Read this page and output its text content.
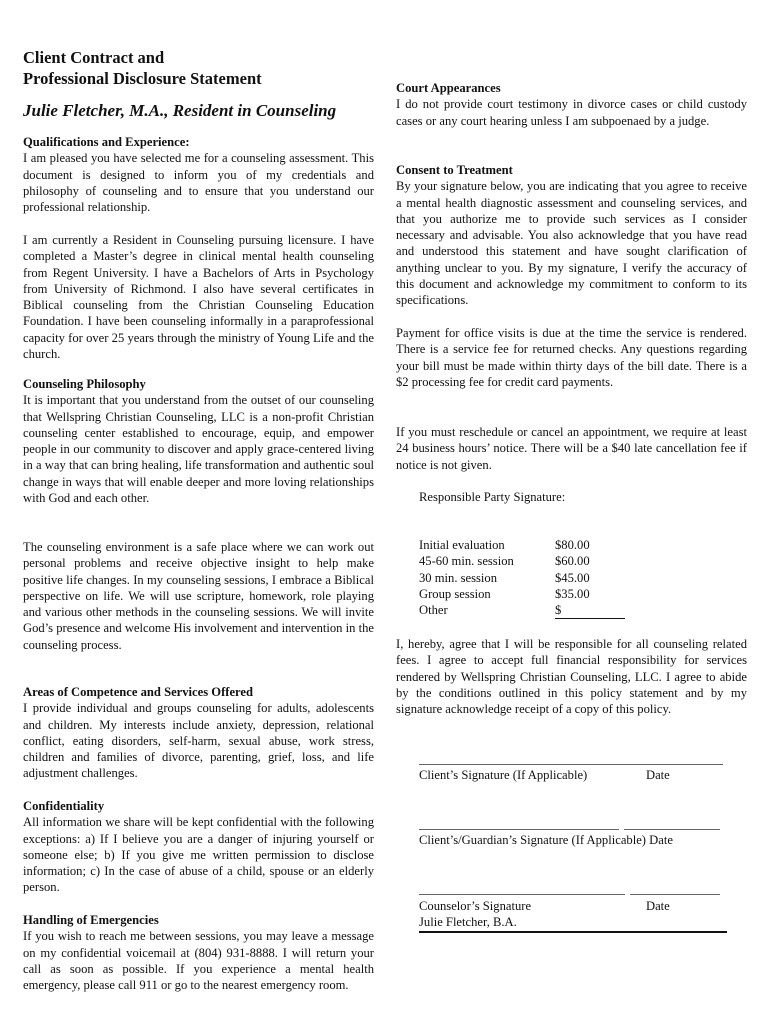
Client Contract and
Professional Disclosure Statement
Julie Fletcher, M.A., Resident in Counseling

Qualifications and Experience:

I am pleased you have selected me for a counseling assessment. This document is designed to inform you of my credentials and philosophy of counseling and to ensure that you understand our professional relationship.

I am currently a Resident in Counseling pursuing licensure. I have completed a Master’s degree in clinical mental health counseling from Regent University. I have a Bachelors of Arts in Psychology from University of Richmond. I also have several certificates in Biblical counseling from the Christian Counseling Education Foundation. I have been counseling informally in a paraprofessional capacity for over 25 years through the ministry of Young Life and the church.

Counseling Philosophy

It is important that you understand from the outset of our counseling that Wellspring Christian Counseling, LLC is a non-profit Christian counseling center established to encourage, equip, and empower people in our community to discover and apply grace-centered living in a way that can bring healing, life transformation and authentic soul change in ways that will enable deeper and more loving relationships with God and each other.

The counseling environment is a safe place where we can work out personal problems and receive objective insight to help make positive life changes. In my counseling sessions, I embrace a Biblical perspective on life. We will use scripture, homework, role playing and various other methods in the counseling sessions. We will invite God’s presence and welcome His involvement and intervention in the counseling process.

Areas of Competence and Services Offered

I provide individual and groups counseling for adults, adolescents and children. My interests include anxiety, depression, relational conflict, eating disorders, self-harm, sexual abuse, work stress, children and families of divorce, parenting, grief, loss, and life adjustment challenges.

Confidentiality

All information we share will be kept confidential with the following exceptions: a) If I believe you are a danger of injuring yourself or someone else; b) If you give me written permission to disclose information; c) In the case of abuse of a child, spouse or an elderly person.

Handling of Emergencies

If you wish to reach me between sessions, you may leave a message on my confidential voicemail at (804) 931-8888. I will return your call as soon as possible. If you experience a mental health emergency, please call 911 or go to the nearest emergency room.

Court Appearances

I do not provide court testimony in divorce cases or child custody cases or any court hearing unless I am subpoenaed by a judge.

Consent to Treatment

By your signature below, you are indicating that you agree to receive a mental health diagnostic assessment and counseling services, and that you authorize me to provide such services as I consider necessary and advisable. You also acknowledge that you have read and understood this statement and have sought clarification of anything unclear to you. By my signature, I verify the accuracy of this document and acknowledge my commitment to conform to its specifications.

Payment for office visits is due at the time the service is rendered. There is a service fee for returned checks. Any questions regarding your bill must be made within thirty days of the bill date. There is a $2 processing fee for credit card payments.

If you must reschedule or cancel an appointment, we require at least 24 business hours’ notice. There will be a $40 late cancellation fee if notice is not given.

Responsible Party Signature:

I, hereby, agree that I will be responsible for all counseling related fees. I agree to accept full financial responsibility for services rendered by Wellspring Christian Counseling, LLC. I agree to abide by the conditions outlined in this policy statement and by my signature acknowledge receipt of a copy of this policy.

Initial evaluation	$80.00
45-60 min. session	$60.00
30 min. session	$45.00
Group session	$35.00
Other	$
Client’s Signature (If Applicable)	Date
Client’s/Guardian’s Signature (If Applicable) Date
Counselor’s Signature	Date
Julie Fletcher, B.A.
